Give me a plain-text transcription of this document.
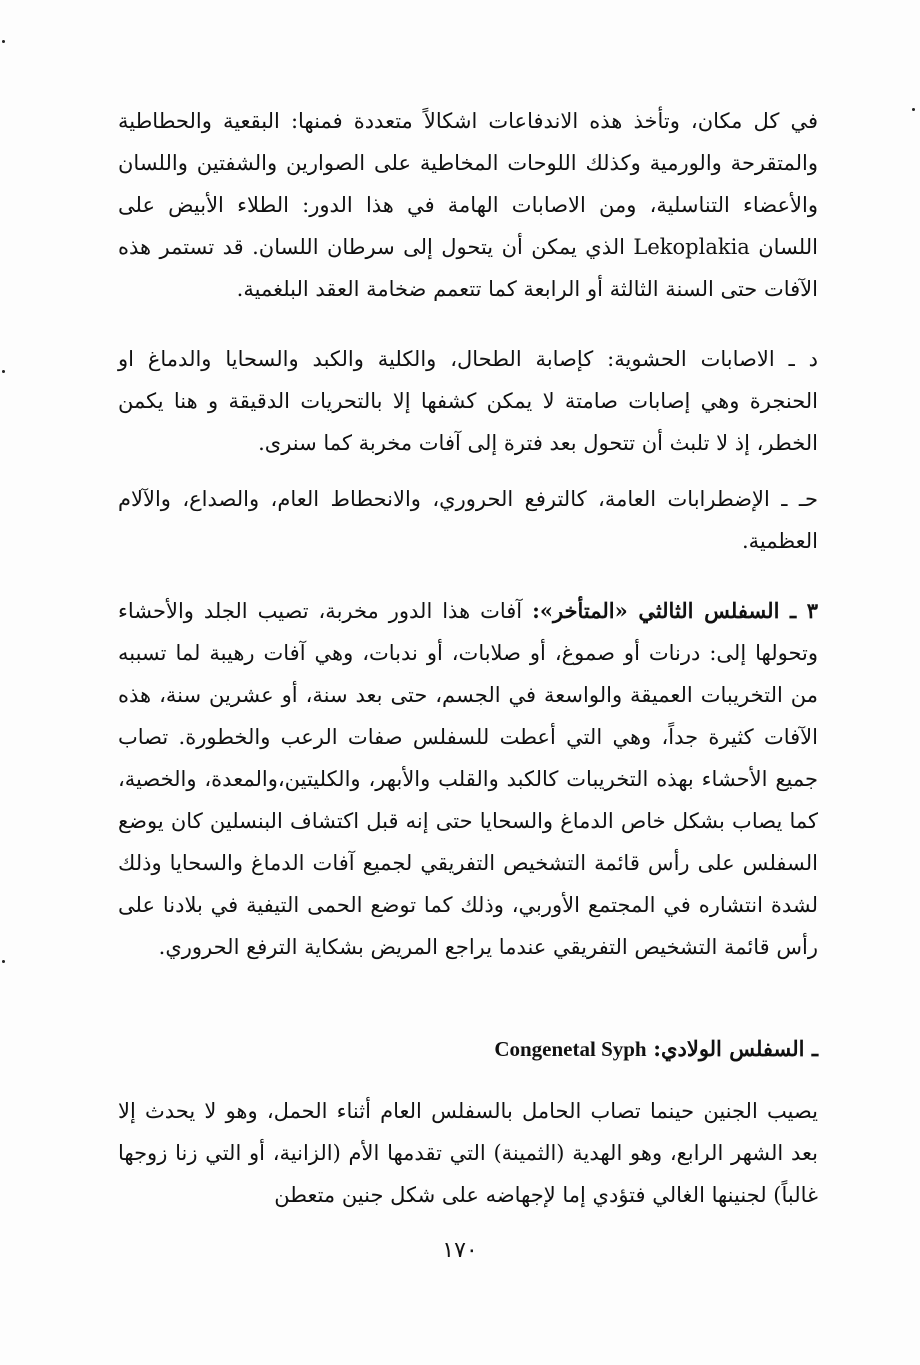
في كل مكان، وتأخذ هذه الاندفاعات اشكالاً متعددة فمنها: البقعية والحطاطية والمتقرحة والورمية وكذلك اللوحات المخاطية على الصوارين والشفتين واللسان والأعضاء التناسلية، ومن الاصابات الهامة في هذا الدور: الطلاء الأبيض على اللسان Lekoplakia الذي يمكن أن يتحول إلى سرطان اللسان. قد تستمر هذه الآفات حتى السنة الثالثة أو الرابعة كما تتعمم ضخامة العقد البلغمية.

د ـ الاصابات الحشوية: كإصابة الطحال، والكلية والكبد والسحايا والدماغ او الحنجرة وهي إصابات صامتة لا يمكن كشفها إلا بالتحريات الدقيقة و هنا يكمن الخطر، إذ لا تلبث أن تتحول بعد فترة إلى آفات مخربة كما سنرى.

حـ ـ الإضطرابات العامة، كالترفع الحروري، والانحطاط العام، والصداع، والآلام العظمية.

٣ ـ السفلس الثالثي «المتأخر»: آفات هذا الدور مخربة، تصيب الجلد والأحشاء وتحولها إلى: درنات أو صموغ، أو صلابات، أو ندبات، وهي آفات رهيبة لما تسببه من التخريبات العميقة والواسعة في الجسم، حتى بعد سنة، أو عشرين سنة، هذه الآفات كثيرة جداً، وهي التي أعطت للسفلس صفات الرعب والخطورة. تصاب جميع الأحشاء بهذه التخريبات كالكبد والقلب والأبهر، والكليتين،والمعدة، والخصية، كما يصاب بشكل خاص الدماغ والسحايا حتى إنه قبل اكتشاف البنسلين كان يوضع السفلس على رأس قائمة التشخيص التفريقي لجميع آفات الدماغ والسحايا وذلك لشدة انتشاره في المجتمع الأوربي، وذلك كما توضع الحمى التيفية في بلادنا على رأس قائمة التشخيص التفريقي عندما يراجع المريض بشكاية الترفع الحروري.

ـ السفلس الولادي: Congenetal Syph

يصيب الجنين حينما تصاب الحامل بالسفلس العام أثناء الحمل، وهو لا يحدث إلا بعد الشهر الرابع، وهو الهدية (الثمينة) التي تقدمها الأم (الزانية، أو التي زنا زوجها غالباً) لجنينها الغالي فتؤدي إما لإجهاضه على شكل جنين متعطن

١٧٠
